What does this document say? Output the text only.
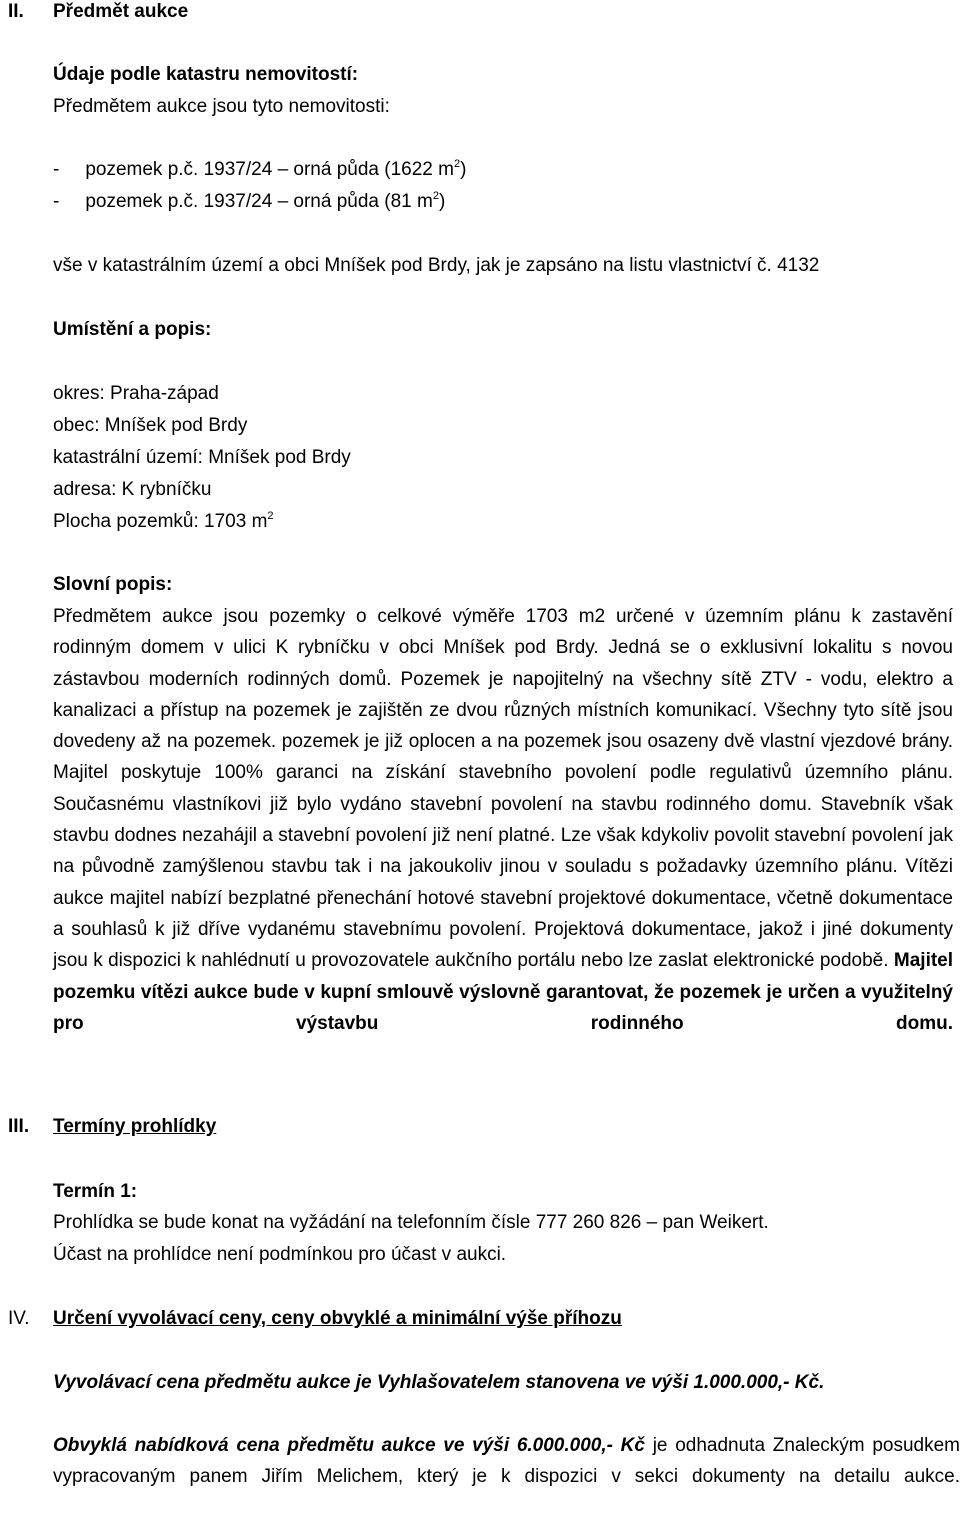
II. Předmět aukce
Údaje podle katastru nemovitostí:
Předmětem aukce jsou tyto nemovitosti:
- pozemek p.č. 1937/24 – orná půda (1622 $m^2$)
- pozemek p.č. 1937/24 – orná půda (81 $m^2$)
vše v katastrálním území a obci Mníšek pod Brdy, jak je zapsáno na listu vlastnictví č. 4132
Umístění a popis:
okres: Praha-západ
obec: Mníšek pod Brdy
katastrální území: Mníšek pod Brdy
adresa: K rybníčku
Plocha pozemků: 1703 $m^2$
Slovní popis:
Předmětem aukce jsou pozemky o celkové výměře 1703 m2 určené v územním plánu k zastavění rodinným domem v ulici K rybníčku v obci Mníšek pod Brdy. Jedná se o exklusivní lokalitu s novou zástavbou moderních rodinných domů. Pozemek je napojitelný na všechny sítě ZTV - vodu, elektro a kanalizaci a přístup na pozemek je zajištěn ze dvou různých místních komunikací. Všechny tyto sítě jsou dovedeny až na pozemek. pozemek je již oplocen a na pozemek jsou osazeny dvě vlastní vjezdové brány. Majitel poskytuje 100% garanci na získání stavebního povolení podle regulativů územního plánu. Současnému vlastníkovi již bylo vydáno stavební povolení na stavbu rodinného domu. Stavebník však stavbu dodnes nezahájil a stavební povolení již není platné. Lze však kdykoliv povolit stavební povolení jak na původně zamýšlenou stavbu tak i na jakoukoliv jinou v souladu s požadavky územního plánu. Vítězi aukce majitel nabízí bezplatné přenechání hotové stavební projektové dokumentace, včetně dokumentace a souhlasů k již dříve vydanému stavebnímu povolení. Projektová dokumentace, jakož i jiné dokumenty jsou k dispozici k nahlédnutí u provozovatele aukčního portálu nebo lze zaslat elektronické podobě. Majitel pozemku vítězi aukce bude v kupní smlouvě výslovně garantovat, že pozemek je určen a využitelný pro výstavbu rodinného domu.
III. Termíny prohlídky
Termín 1:
Prohlídka se bude konat na vyžádání na telefonním čísle 777 260 826 – pan Weikert.
Účast na prohlídce není podmínkou pro účast v aukci.
IV. Určení vyvolávací ceny, ceny obvyklé a minimální výše příhozu
Vyvolávací cena předmětu aukce je Vyhlašovatelem stanovena ve výši 1.000.000,- Kč.
Obvyklá nabídková cena předmětu aukce ve výši 6.000.000,- Kč je odhadnuta Znaleckým posudkem vypracovaným panem Jiřím Melichem, který je k dispozici v sekci dokumenty na detailu aukce.
